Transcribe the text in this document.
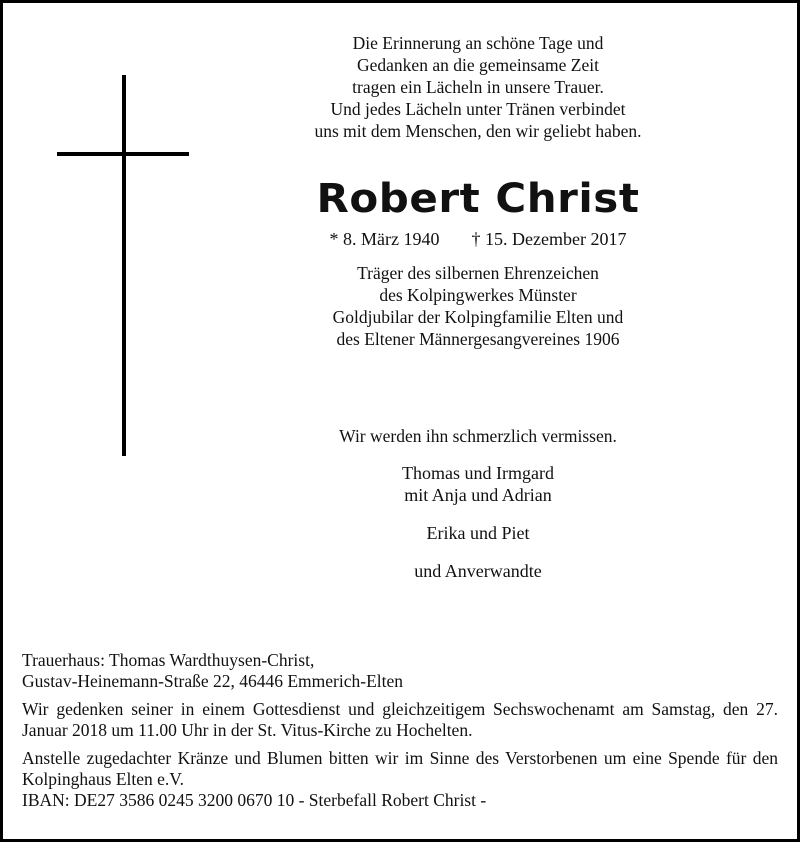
Die Erinnerung an schöne Tage und
Gedanken an die gemeinsame Zeit
tragen ein Lächeln in unsere Trauer.
Und jedes Lächeln unter Tränen verbindet
uns mit dem Menschen, den wir geliebt haben.
Robert Christ
* 8. März 1940 † 15. Dezember 2017
Träger des silbernen Ehrenzeichen
des Kolpingwerkes Münster
Goldjubilar der Kolpingfamilie Elten und
des Eltener Männergesangvereines 1906
Wir werden ihn schmerzlich vermissen.
Thomas und Irmgard
mit Anja und Adrian
Erika und Piet
und Anverwandte

Trauerhaus: Thomas Wardthuysen-Christ,
Gustav-Heinemann-Straße 22, 46446 Emmerich-Elten

Wir gedenken seiner in einem Gottesdienst und gleichzeitigem Sechswochenamt am Samstag, den 27. Januar 2018 um 11.00 Uhr in der St. Vitus-Kirche zu Hochelten.

Anstelle zugedachter Kränze und Blumen bitten wir im Sinne des Verstorbenen um eine Spende für den Kolpinghaus Elten e.V.

IBAN: DE27 3586 0245 3200 0670 10 - Sterbefall Robert Christ -
